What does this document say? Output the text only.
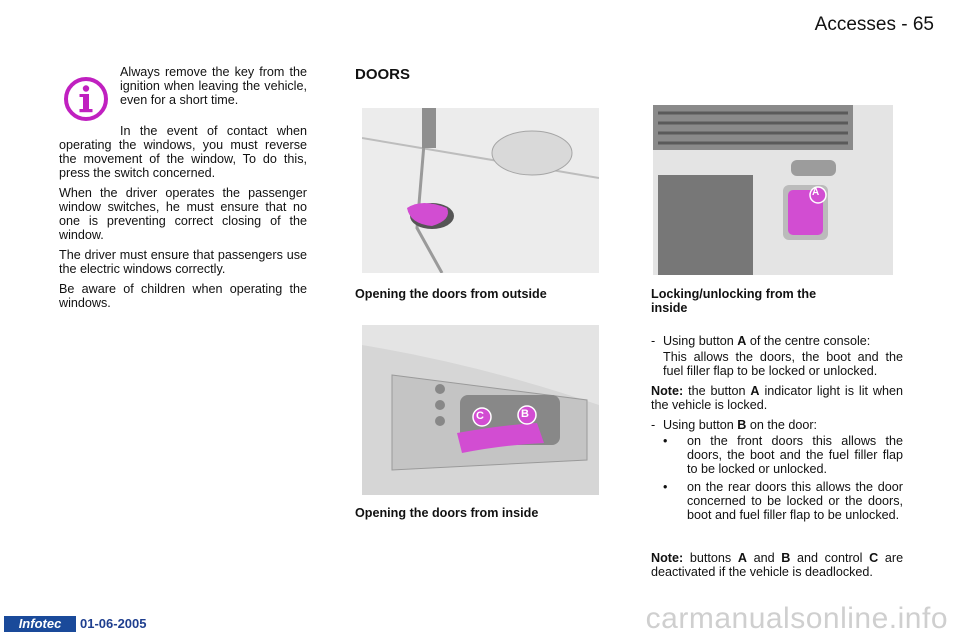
Accesses - 65

Always remove the key from the ignition when leaving the vehicle, even for a short time.

In the event of contact when operating the windows, you must reverse the movement of the window, To do this, press the switch concerned.

When the driver operates the passenger window switches, he must ensure that no one is preventing correct closing of the window.

The driver must ensure that passengers use the electric windows correctly.

Be aware of children when operating the windows.

DOORS
A
C	B
Opening the doors from outside	Locking/unlocking from the inside
Opening the doors from inside
- Using button A of the centre console:

This allows the doors, the boot and the fuel filler flap to be locked or unlocked.

Note: the button A indicator light is lit when the vehicle is locked.

- Using button B on the door:
• on the front doors this allows the doors, the boot and the fuel filler flap to be locked or unlocked.
• on the rear doors this allows the door concerned to be locked or the doors, boot and fuel filler flap to be unlocked.

Note: buttons A and B and control C are deactivated if the vehicle is deadlocked.

Infotec	01-06-2005	carmanualsonline.info
